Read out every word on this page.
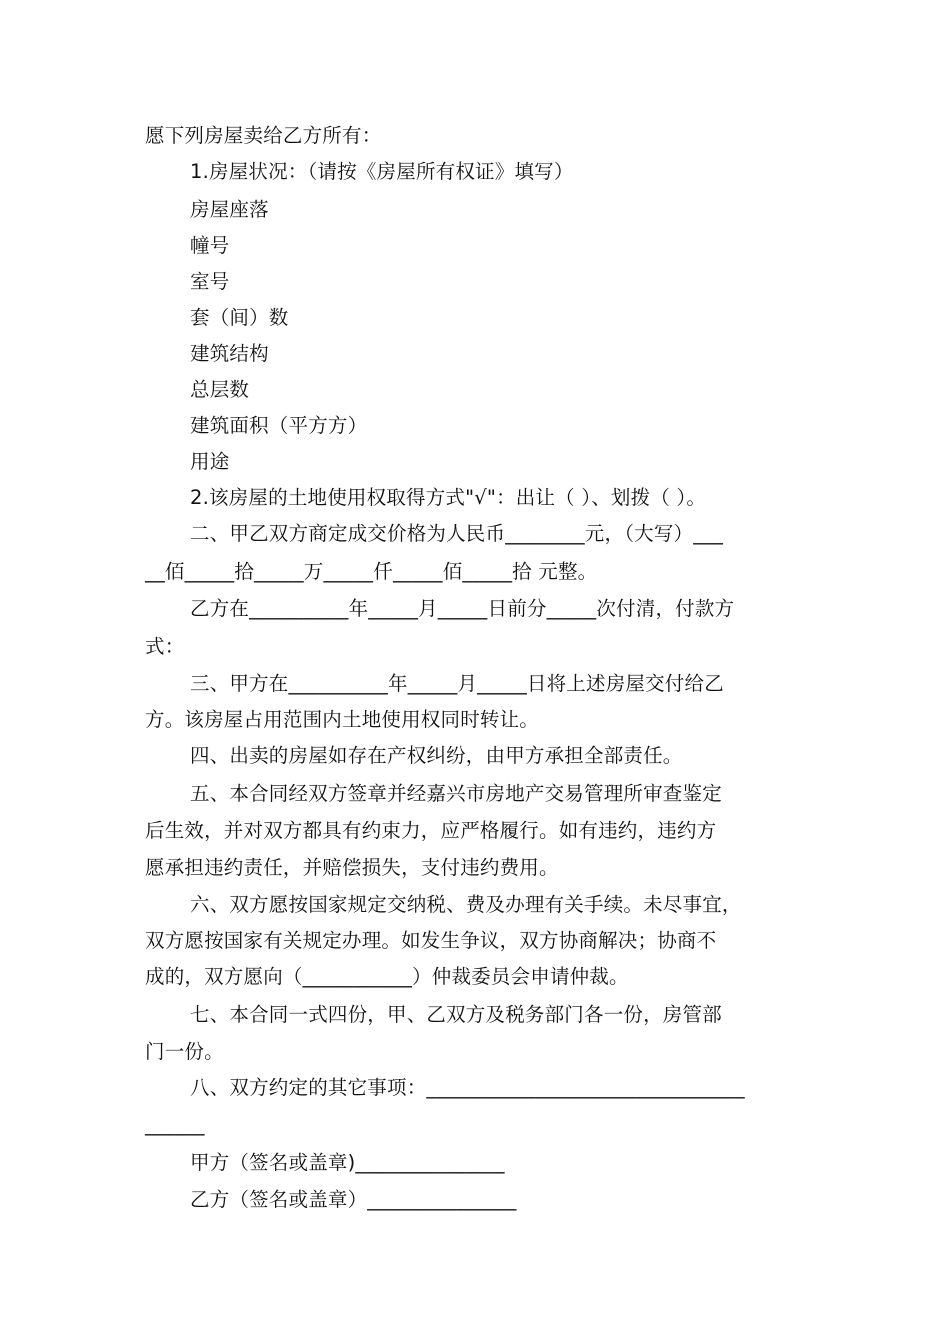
愿下列房屋卖给乙方所有：
1.房屋状况：（请按《房屋所有权证》填写）
房屋座落
幢号
室号
套（间）数
建筑结构
总层数
建筑面积（平方方）
用途
2.该房屋的土地使用权取得方式"√"：出让（ ）、划拨（ ）。
二、甲乙双方商定成交价格为人民币________元，（大写）___
__佰_____拾_____万_____仟_____佰_____拾 元整。
乙方在__________年_____月_____日前分_____次付清，付款方
式：
三、甲方在__________年_____月_____日将上述房屋交付给乙
方。该房屋占用范围内土地使用权同时转让。
四、出卖的房屋如存在产权纠纷，由甲方承担全部责任。
五、本合同经双方签章并经嘉兴市房地产交易管理所审查鉴定
后生效，并对双方都具有约束力，应严格履行。如有违约，违约方
愿承担违约责任，并赔偿损失，支付违约费用。
六、双方愿按国家规定交纳税、费及办理有关手续。未尽事宜，
双方愿按国家有关规定办理。如发生争议，双方协商解决；协商不
成的，双方愿向（___________）仲裁委员会申请仲裁。
七、本合同一式四份，甲、乙双方及税务部门各一份，房管部
门一份。
八、双方约定的其它事项：________________________________
______
甲方（签名或盖章)_______________
乙方（签名或盖章）_______________
